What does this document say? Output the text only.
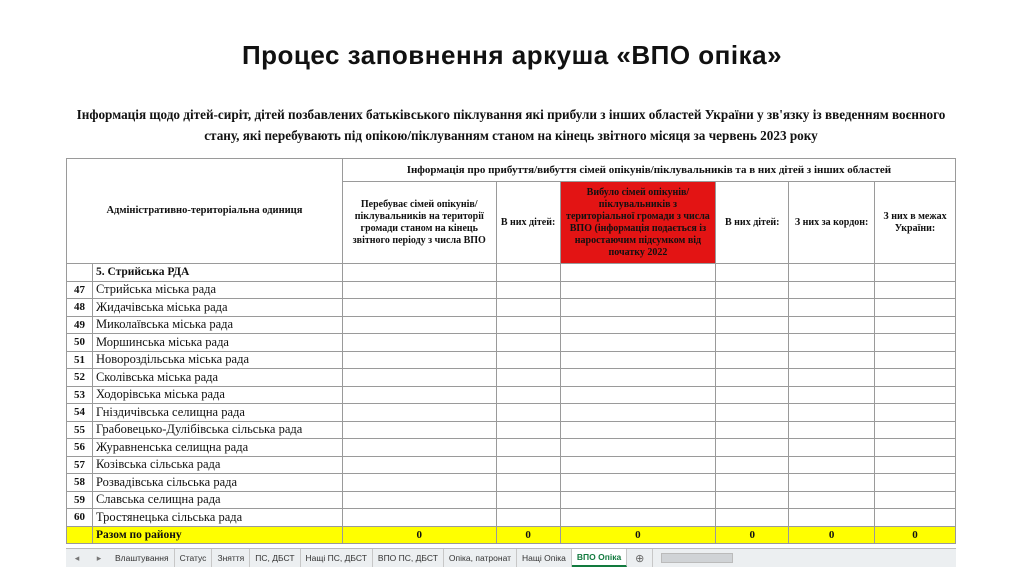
Процес заповнення аркуша «ВПО опіка»
Інформація щодо дітей-сиріт, дітей позбавлених батьківського піклування які прибули з інших областей України у зв'язку із введенням воєнного стану, які перебувають під опікою/піклуванням станом на кінець звітного місяця за червень 2023 року
Адміністративно-територіальна одиниця		Інформація про прибуття/вибуття сімей опікунів/піклувальників та в них дітей з інших областей					
		Перебуває сімей опікунів/піклувальників на території громади станом на кінець звітного періоду з числа ВПО	В них дітей:	Вибуло сімей опікунів/піклувальників з територіальної громади з числа ВПО (інформація подається із наростаючим підсумком від початку 2022	В них дітей:	З них за кордон:	З них в межах України:
	5. Стрийська РДА						
47	Стрийська міська рада						
48	Жидачівська міська рада						
49	Миколаївська міська рада						
50	Моршинська міська рада						
51	Новороздільська міська рада						
52	Сколівська міська рада						
53	Ходорівська міська рада						
54	Гніздичівська селищна рада						
55	Грабовецько-Дулібівська сільська рада						
56	Журавненська селищна рада						
57	Козівська сільська рада						
58	Розвадівська сільська рада						
59	Славська селищна рада						
60	Тростянецька сільська рада						
	Разом по району	0	0	0	0	0	0
◂ ▸	Влаштування	Статус	Зняття	ПС, ДБСТ	Нащі ПС, ДБСТ	ВПО ПС, ДБСТ	Опіка, патронат	Нащі Опіка	ВПО Опіка	⊕
